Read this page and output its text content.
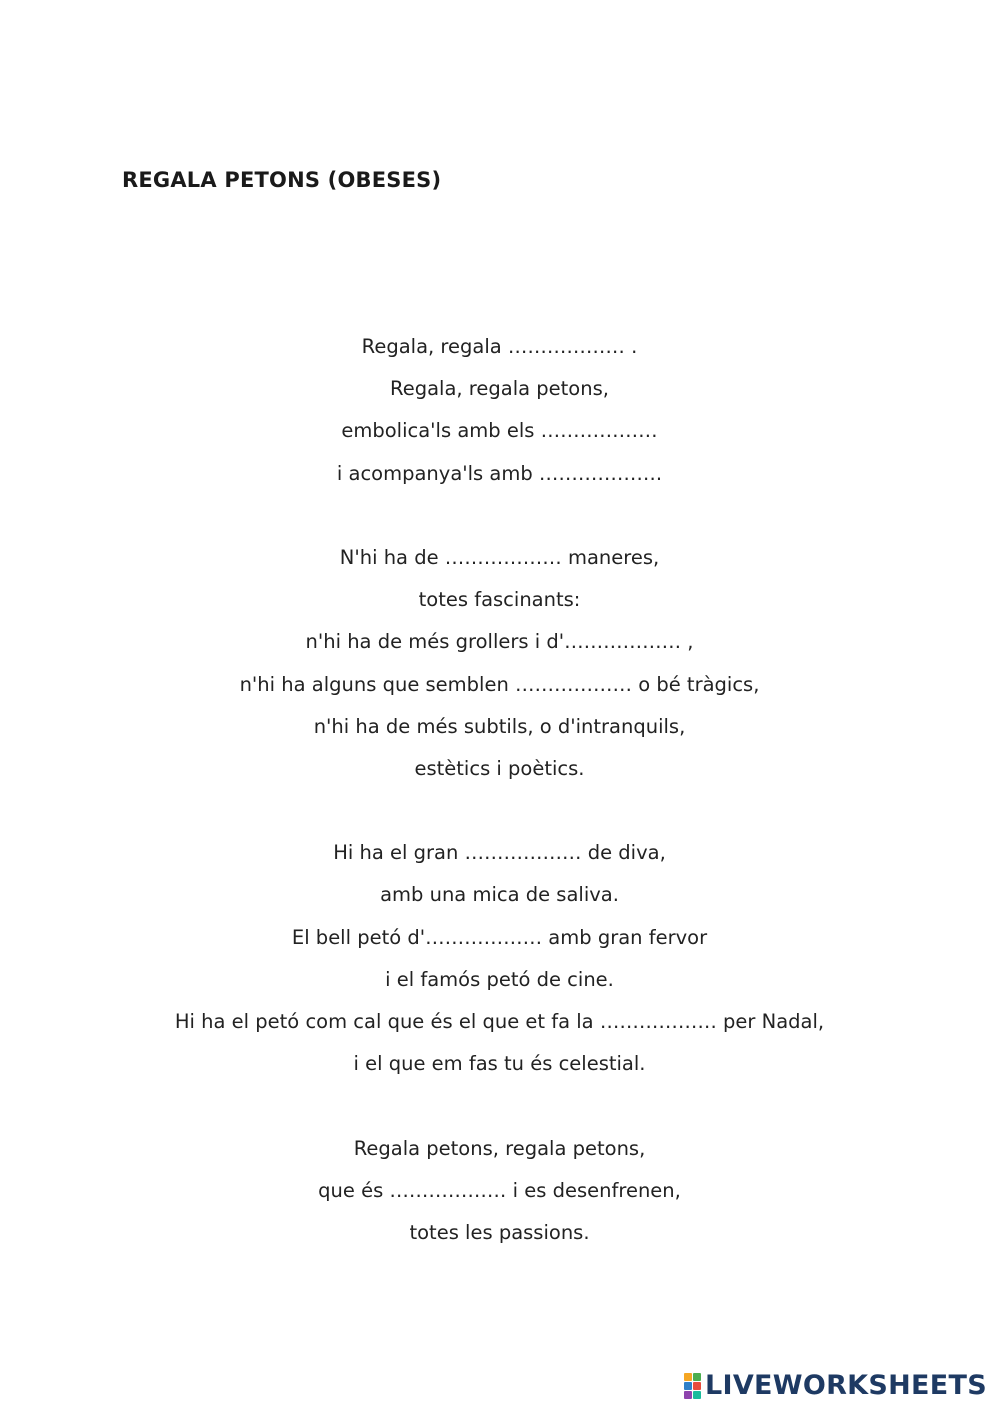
REGALA PETONS (OBESES)
Regala, regala ……………… .
Regala, regala petons,
embolica'ls amb els ………………
i acompanya'ls amb ……………….
N'hi ha de ……………… maneres,
totes fascinants:
n'hi ha de més grollers i d'……………… ,
n'hi ha alguns que semblen ……………… o bé tràgics,
n'hi ha de més subtils, o d'intranquils,
estètics i poètics.
Hi ha el gran ……………… de diva,
amb una mica de saliva.
El bell petó d'……………… amb gran fervor
i el famós petó de cine.
Hi ha el petó com cal que és el que et fa la ……………… per Nadal,
i el que em fas tu és celestial.
Regala petons, regala petons,
que és ……………… i es desenfrenen,
totes les passions.
LIVEWORKSHEETS
